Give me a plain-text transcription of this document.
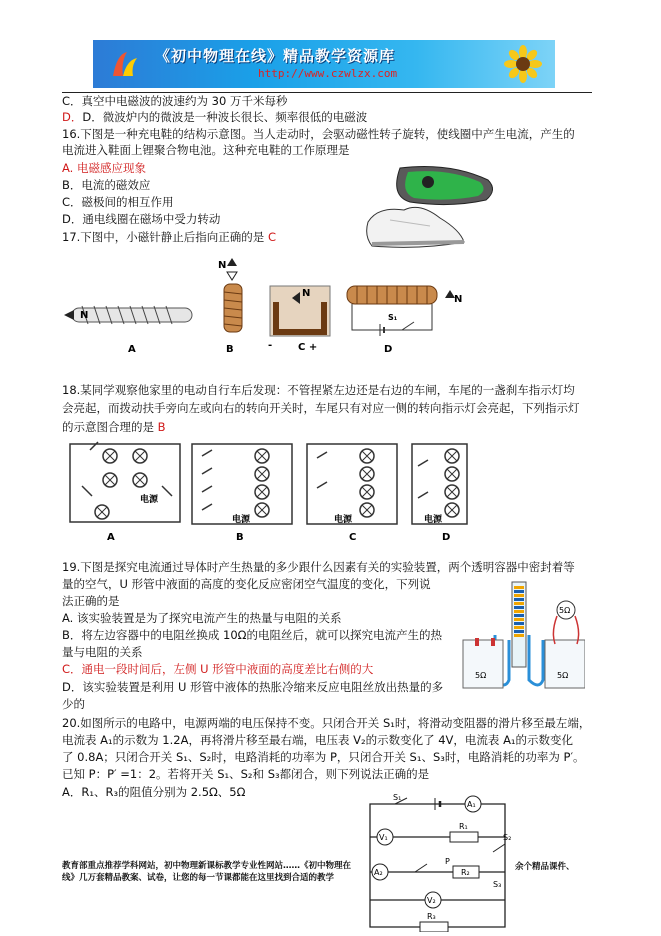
《初中物理在线》精品教学资源库
http://www.czwlzx.com
C．真空中电磁波的波速约为 30 万千米每秒
D．D．微波炉内的微波是一种波长很长、频率很低的电磁波
16.下图是一种充电鞋的结构示意图。当人走动时，会驱动磁性转子旋转，使线圈中产生电流，产生的
电流进入鞋面上锂聚合物电池。这种充电鞋的工作原理是
A. 电磁感应现象
B．电流的磁效应
C．磁极间的相互作用
D．通电线圈在磁场中受力转动
17.下图中，小磁针静止后指向正确的是 C
N
A
N
B
N
-	C +
S₁
N
D
18.某同学观察他家里的电动自行车后发现：不管捏紧左边还是右边的车闸，车尾的一盏刹车指示灯均
会亮起，而拨动扶手旁向左或向右的转向开关时，车尾只有对应一侧的转向指示灯会亮起，下列指示灯
的示意图合理的是 B
电源
电源	电源	电源
A	B	C	D
19.下图是探究电流通过导体时产生热量的多少跟什么因素有关的实验装置，两个透明容器中密封着等
量的空气，U 形管中液面的高度的变化反应密闭空气温度的变化，下列说
法正确的是
A. 该实验装置是为了探究电流产生的热量与电阻的关系
B．将左边容器中的电阻丝换成 10Ω的电阻丝后，就可以探究电流产生的热
量与电阻的关系
C．通电一段时间后，左侧 U 形管中液面的高度差比右侧的大
D．该实验装置是利用 U 形管中液体的热胀冷缩来反应电阻丝放出热量的多
少的
5Ω
5Ω	5Ω
20.如图所示的电路中，电源两端的电压保持不变。只闭合开关 S₁时，将滑动变阻器的滑片移至最左端，
电流表 A₁的示数为 1.2A，再将滑片移至最右端，电压表 V₂的示数变化了 4V，电流表 A₁的示数变化
了 0.8A；只闭合开关 S₁、S₂时，电路消耗的功率为 P，只闭合开关 S₁、S₃时，电路消耗的功率为 P′。
已知 P：P′ =1：2。若将开关 S₁、S₂和 S₃都闭合，则下列说法正确的是
A．R₁、R₃的阻值分别为 2.5Ω、5Ω	S₁
A₁
V₁
R₁
A₂	R₂
P
S₂
V₂
R₃
S₃
教育部重点推荐学科网站，初中物理新课标教学专业性网站……《初中物理在线》几万套精品教案、试卷，让您的每一节课都能在这里找到合适的教学
余个精品课件、
